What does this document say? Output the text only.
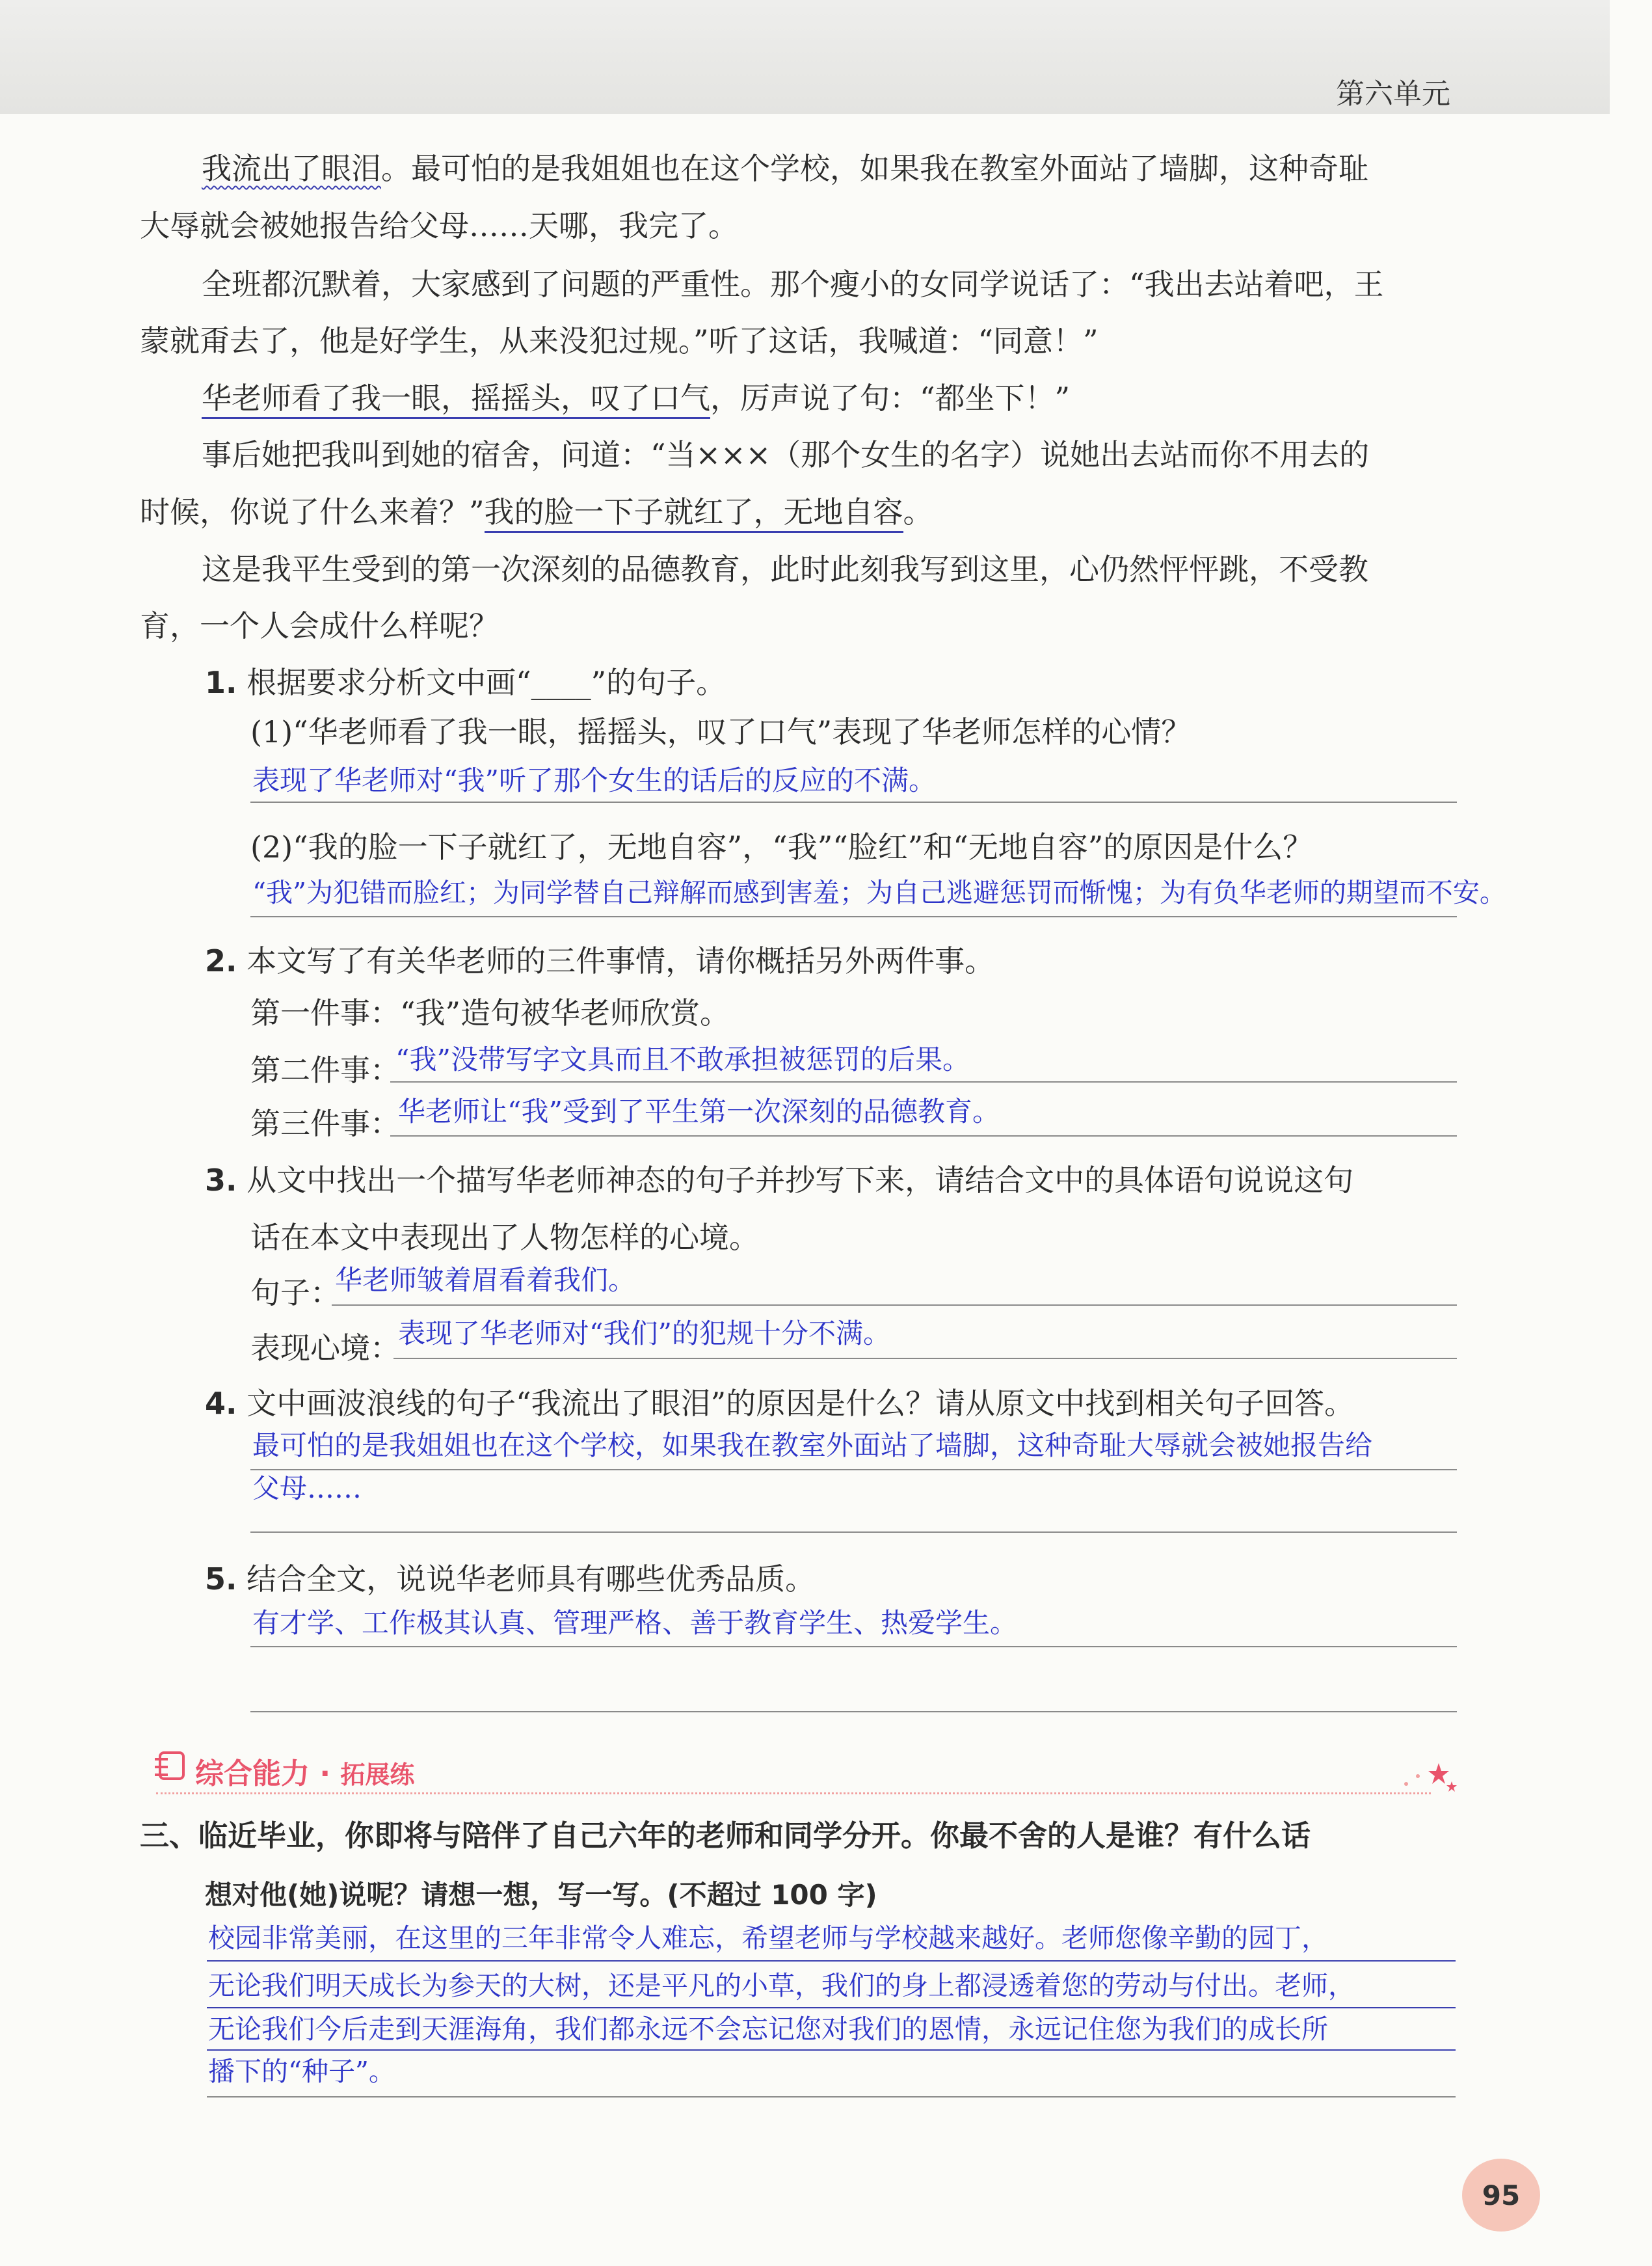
第六单元
我流出了眼泪。最可怕的是我姐姐也在这个学校，如果我在教室外面站了墙脚，这种奇耻
大辱就会被她报告给父母……天哪，我完了。
全班都沉默着，大家感到了问题的严重性。那个瘦小的女同学说话了：“我出去站着吧，王
蒙就甭去了，他是好学生，从来没犯过规。”听了这话，我喊道：“同意！”
华老师看了我一眼，摇摇头，叹了口气，厉声说了句：“都坐下！”
事后她把我叫到她的宿舍，问道：“当×××（那个女生的名字）说她出去站而你不用去的
时候，你说了什么来着？”我的脸一下子就红了，无地自容。
这是我平生受到的第一次深刻的品德教育，此时此刻我写到这里，心仍然怦怦跳，不受教
育，一个人会成什么样呢？
1. 根据要求分析文中画“____”的句子。
(1)“华老师看了我一眼，摇摇头，叹了口气”表现了华老师怎样的心情？
表现了华老师对“我”听了那个女生的话后的反应的不满。
(2)“我的脸一下子就红了，无地自容”，“我”“脸红”和“无地自容”的原因是什么？
“我”为犯错而脸红；为同学替自己辩解而感到害羞；为自己逃避惩罚而惭愧；为有负华老师的期望而不安。
2. 本文写了有关华老师的三件事情，请你概括另外两件事。
第一件事：“我”造句被华老师欣赏。
第二件事：
“我”没带写字文具而且不敢承担被惩罚的后果。
第三件事：
华老师让“我”受到了平生第一次深刻的品德教育。
3. 从文中找出一个描写华老师神态的句子并抄写下来，请结合文中的具体语句说说这句
话在本文中表现出了人物怎样的心境。
句子：
华老师皱着眉看着我们。
表现心境：
表现了华老师对“我们”的犯规十分不满。
4. 文中画波浪线的句子“我流出了眼泪”的原因是什么？请从原文中找到相关句子回答。
最可怕的是我姐姐也在这个学校，如果我在教室外面站了墙脚，这种奇耻大辱就会被她报告给
父母……
5. 结合全文，说说华老师具有哪些优秀品质。
有才学、工作极其认真、管理严格、善于教育学生、热爱学生。
综合能力 · 拓展练
三、临近毕业，你即将与陪伴了自己六年的老师和同学分开。你最不舍的人是谁？有什么话
想对他(她)说呢？请想一想，写一写。(不超过 100 字)
校园非常美丽，在这里的三年非常令人难忘，希望老师与学校越来越好。老师您像辛勤的园丁，
无论我们明天成长为参天的大树，还是平凡的小草，我们的身上都浸透着您的劳动与付出。老师，
无论我们今后走到天涯海角，我们都永远不会忘记您对我们的恩情，永远记住您为我们的成长所
播下的“种子”。
95
